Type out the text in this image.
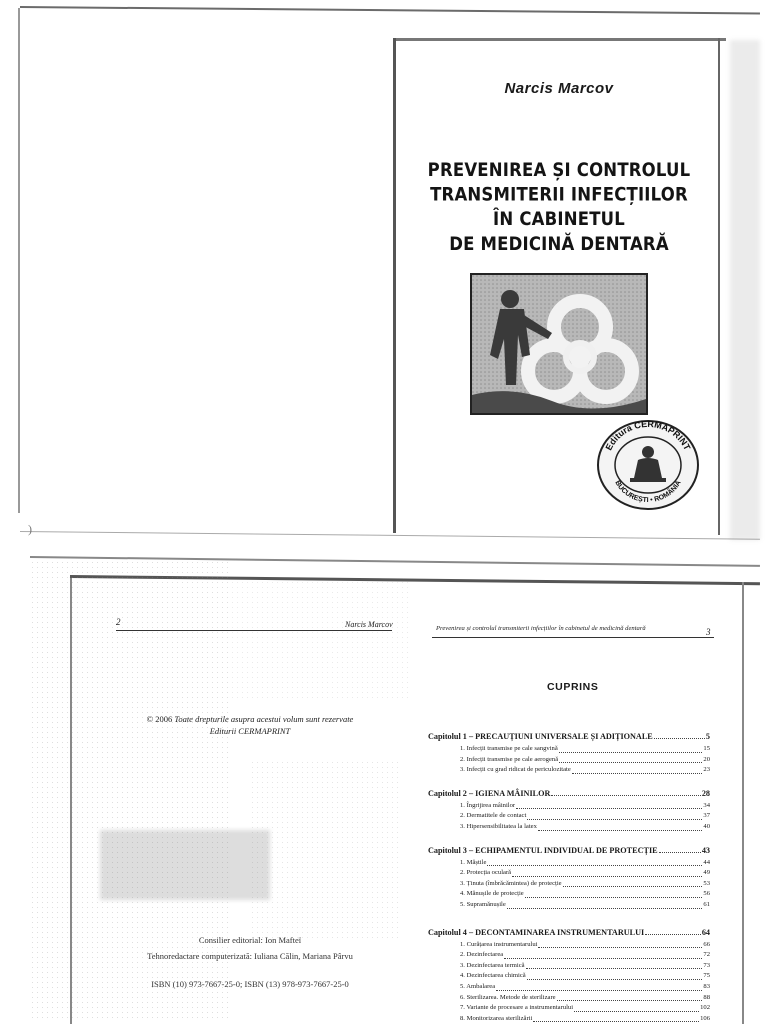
)
Narcis Marcov
PREVENIREA ȘI CONTROLUL
TRANSMITERII INFECȚIILOR
ÎN CABINETUL
DE MEDICINĂ DENTARĂ
Editura CERMAPRINT
BUCUREȘTI • ROMÂNIA
2	Narcis Marcov
© 2006 Toate drepturile asupra acestui volum sunt rezervate
Editurii CERMAPRINT
Consilier editorial: Ion Mafteï
Tehnoredactare computerizată: Iuliana Călin, Mariana Pârvu
ISBN (10) 973-7667-25-0; ISBN (13) 978-973-7667-25-0
Prevenirea și controlul transmiterii infecțiilor în cabinetul de medicină dentară	3
CUPRINS
Capitolul 1 – PRECAUȚIUNI UNIVERSALE ȘI ADIȚIONALE	5
1. Infecții transmise pe cale sangvină	15
2. Infecții transmise pe cale aerogenă	20
3. Infecții cu grad ridicat de periculozitate	23
Capitolul 2 – IGIENA MÂINILOR	28
1. Îngrijirea mâinilor	34
2. Dermatitele de contact	37
3. Hipersensibilitatea la latex	40
Capitolul 3 – ECHIPAMENTUL INDIVIDUAL DE PROTECȚIE	43
1. Măștile	44
2. Protecția oculară	49
3. Ținuta (îmbrăcămintea) de protecție	53
4. Mănușile de protecție	56
5. Supramănușile	61
Capitolul 4 – DECONTAMINAREA INSTRUMENTARULUI	64
1. Curățarea instrumentarului	66
2. Dezinfectarea	72
3. Dezinfectarea termică	73
4. Dezinfectarea chimică	75
5. Ambalarea	83
6. Sterilizarea. Metode de sterilizare	88
7. Variante de procesare a instrumentarului	102
8. Monitorizarea sterilizării	106
